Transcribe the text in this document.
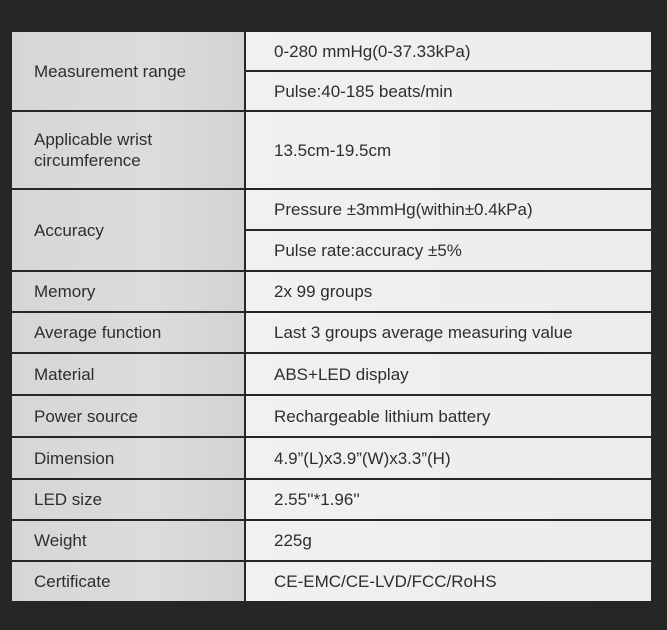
Measurement range	0-280 mmHg(0-37.33kPa)

	Pulse:40-185 beats/min

Applicable wrist circumference	13.5cm-19.5cm

Accuracy	Pressure ±3mmHg(within±0.4kPa)

	Pulse rate:accuracy ±5%

Memory	2x 99 groups

Average function	Last 3 groups average measuring value

Material	ABS+LED display

Power source	Rechargeable lithium battery

Dimension	4.9”(L)x3.9”(W)x3.3”(H)

LED size	2.55''*1.96''

Weight	225g

Certificate	CE-EMC/CE-LVD/FCC/RoHS
